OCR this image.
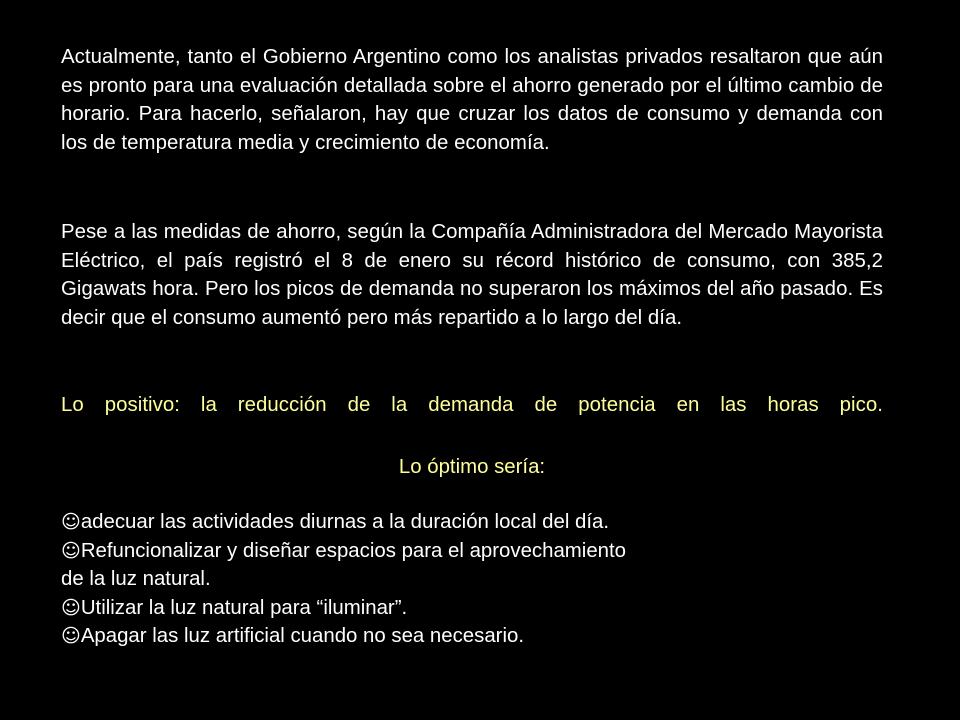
Actualmente, tanto el Gobierno Argentino como los analistas privados resaltaron que aún es pronto para una evaluación detallada sobre el ahorro generado por el último cambio de horario. Para hacerlo, señalaron, hay que cruzar los datos de consumo y demanda con los de temperatura media y crecimiento de economía.

Pese a las medidas de ahorro, según la Compañía Administradora del Mercado Mayorista Eléctrico, el país registró el 8 de enero su récord histórico de consumo, con 385,2 Gigawats hora. Pero los picos de demanda no superaron los máximos del año pasado. Es decir que el consumo aumentó pero más repartido a lo largo del día.

Lo positivo: la reducción de la demanda de potencia en las horas pico.

Lo óptimo sería:

☺adecuar las actividades diurnas a la duración local del día.
☺Refuncionalizar y diseñar espacios para el aprovechamiento
de la luz natural.
☺Utilizar la luz natural para “iluminar”.
☺Apagar las luz artificial cuando no sea necesario.
